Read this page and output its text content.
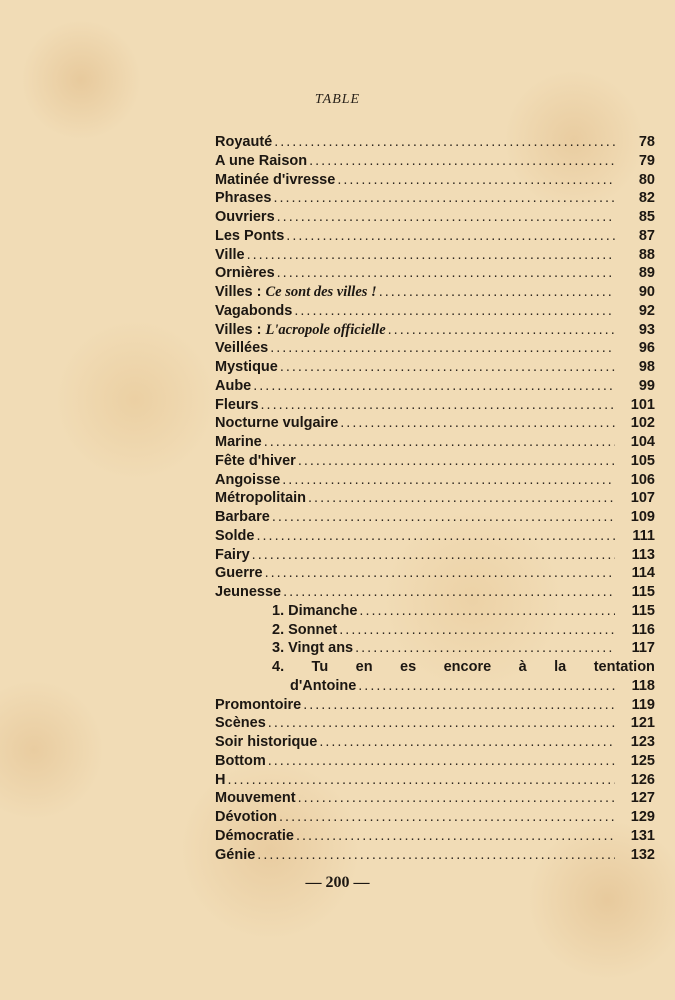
TABLE
Royauté .....	78
A une Raison .....	79
Matinée d'ivresse .....	80
Phrases .....	82
Ouvriers .....	85
Les Ponts .....	87
Ville .....	88
Ornières .....	89
Villes : Ce sont des villes ! .....	90
Vagabonds .....	92
Villes : L'acropole officielle .....	93
Veillées .....	96
Mystique .....	98
Aube .....	99
Fleurs .....	101
Nocturne vulgaire .....	102
Marine .....	104
Fête d'hiver .....	105
Angoisse .....	106
Métropolitain .....	107
Barbare .....	109
Solde .....	111
Fairy .....	113
Guerre .....	114
Jeunesse .....	115
1. Dimanche .....	115
2. Sonnet .....	116
3. Vingt ans .....	117
4. Tu en es encore à la tentation
d'Antoine .....	118
Promontoire .....	119
Scènes .....	121
Soir historique .....	123
Bottom .....	125
H .....	126
Mouvement .....	127
Dévotion .....	129
Démocratie .....	131
Génie .....	132
— 200 —
